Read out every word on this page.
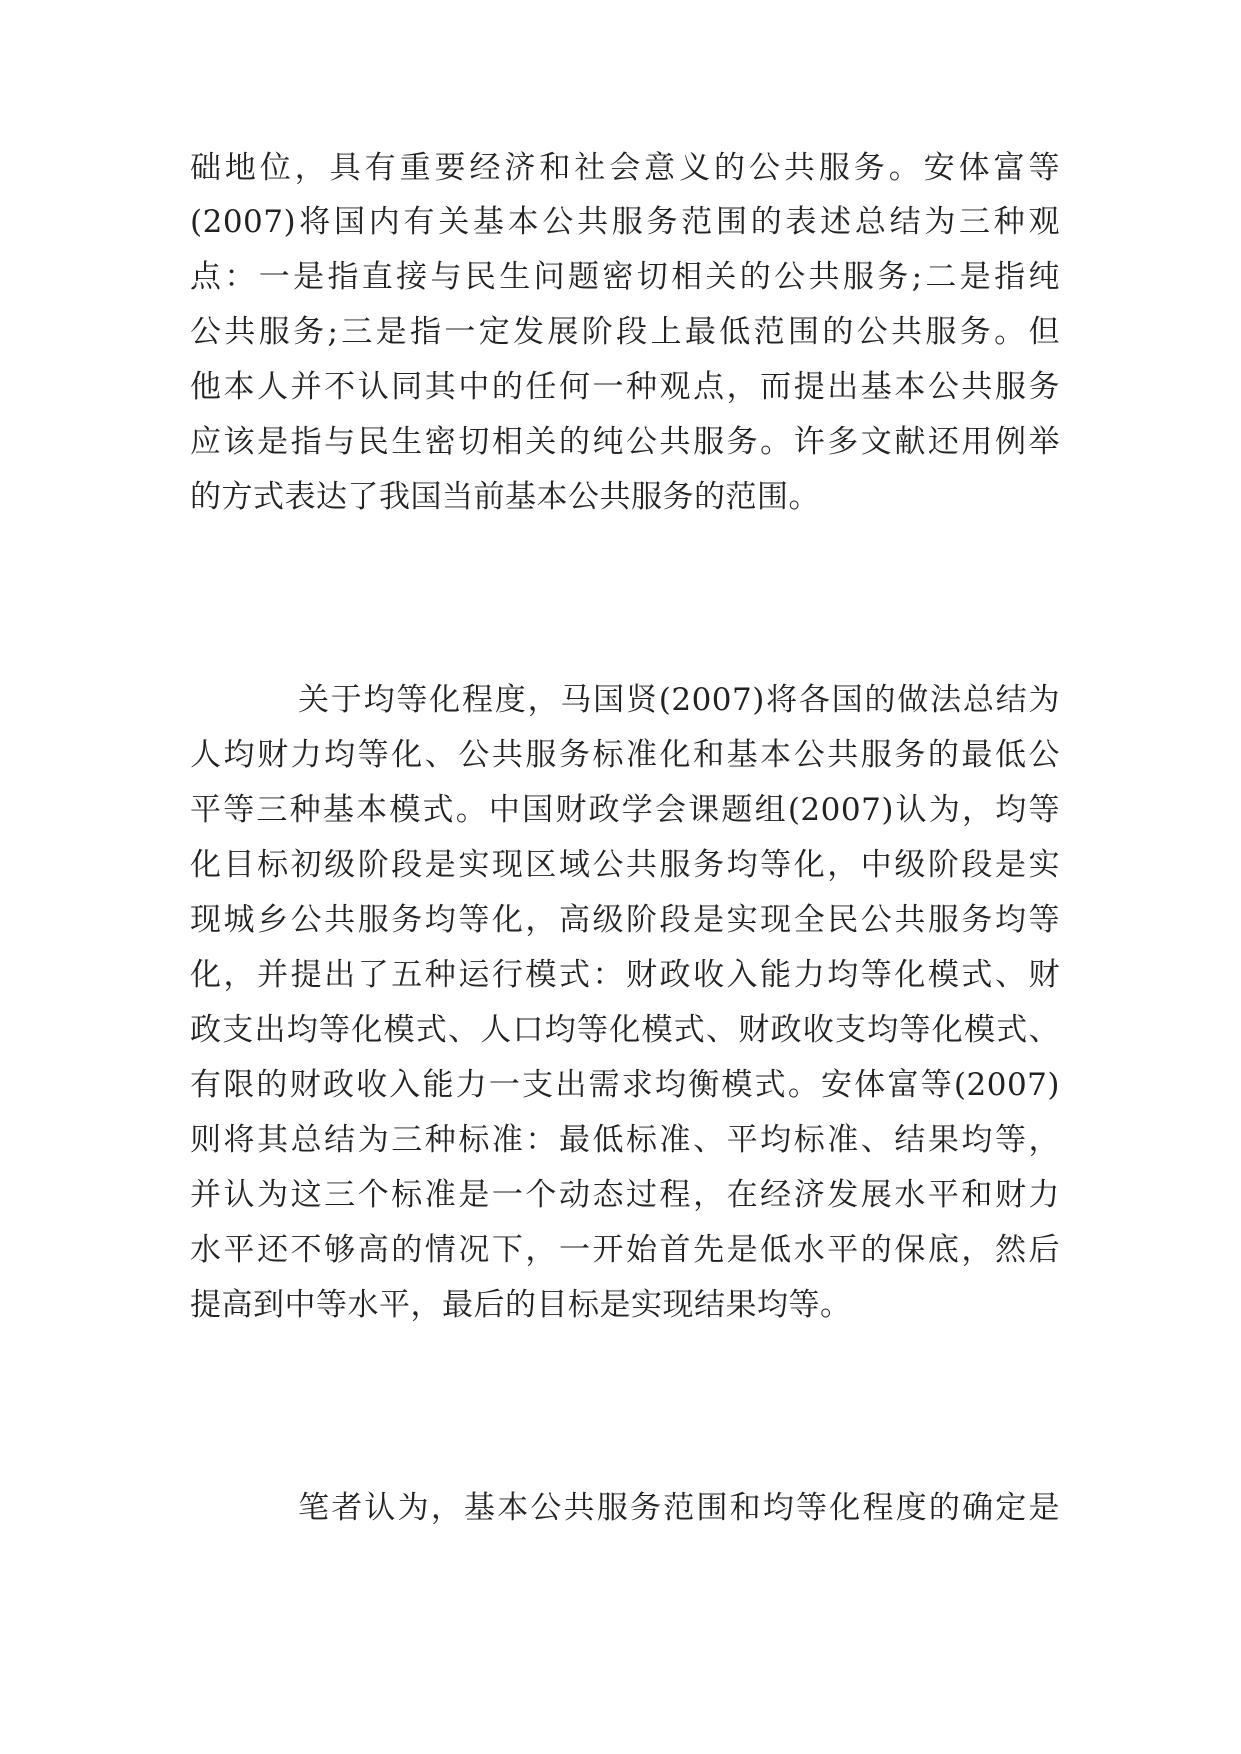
础地位，具有重要经济和社会意义的公共服务。安体富等
(2007)将国内有关基本公共服务范围的表述总结为三种观
点：一是指直接与民生问题密切相关的公共服务;二是指纯
公共服务;三是指一定发展阶段上最低范围的公共服务。但
他本人并不认同其中的任何一种观点，而提出基本公共服务
应该是指与民生密切相关的纯公共服务。许多文献还用例举
的方式表达了我国当前基本公共服务的范围。
关于均等化程度，马国贤(2007)将各国的做法总结为
人均财力均等化、公共服务标准化和基本公共服务的最低公
平等三种基本模式。中国财政学会课题组(2007)认为，均等
化目标初级阶段是实现区域公共服务均等化，中级阶段是实
现城乡公共服务均等化，高级阶段是实现全民公共服务均等
化，并提出了五种运行模式：财政收入能力均等化模式、财
政支出均等化模式、人口均等化模式、财政收支均等化模式、
有限的财政收入能力一支出需求均衡模式。安体富等(2007)
则将其总结为三种标准：最低标准、平均标准、结果均等，
并认为这三个标准是一个动态过程，在经济发展水平和财力
水平还不够高的情况下，一开始首先是低水平的保底，然后
提高到中等水平，最后的目标是实现结果均等。
笔者认为，基本公共服务范围和均等化程度的确定是
